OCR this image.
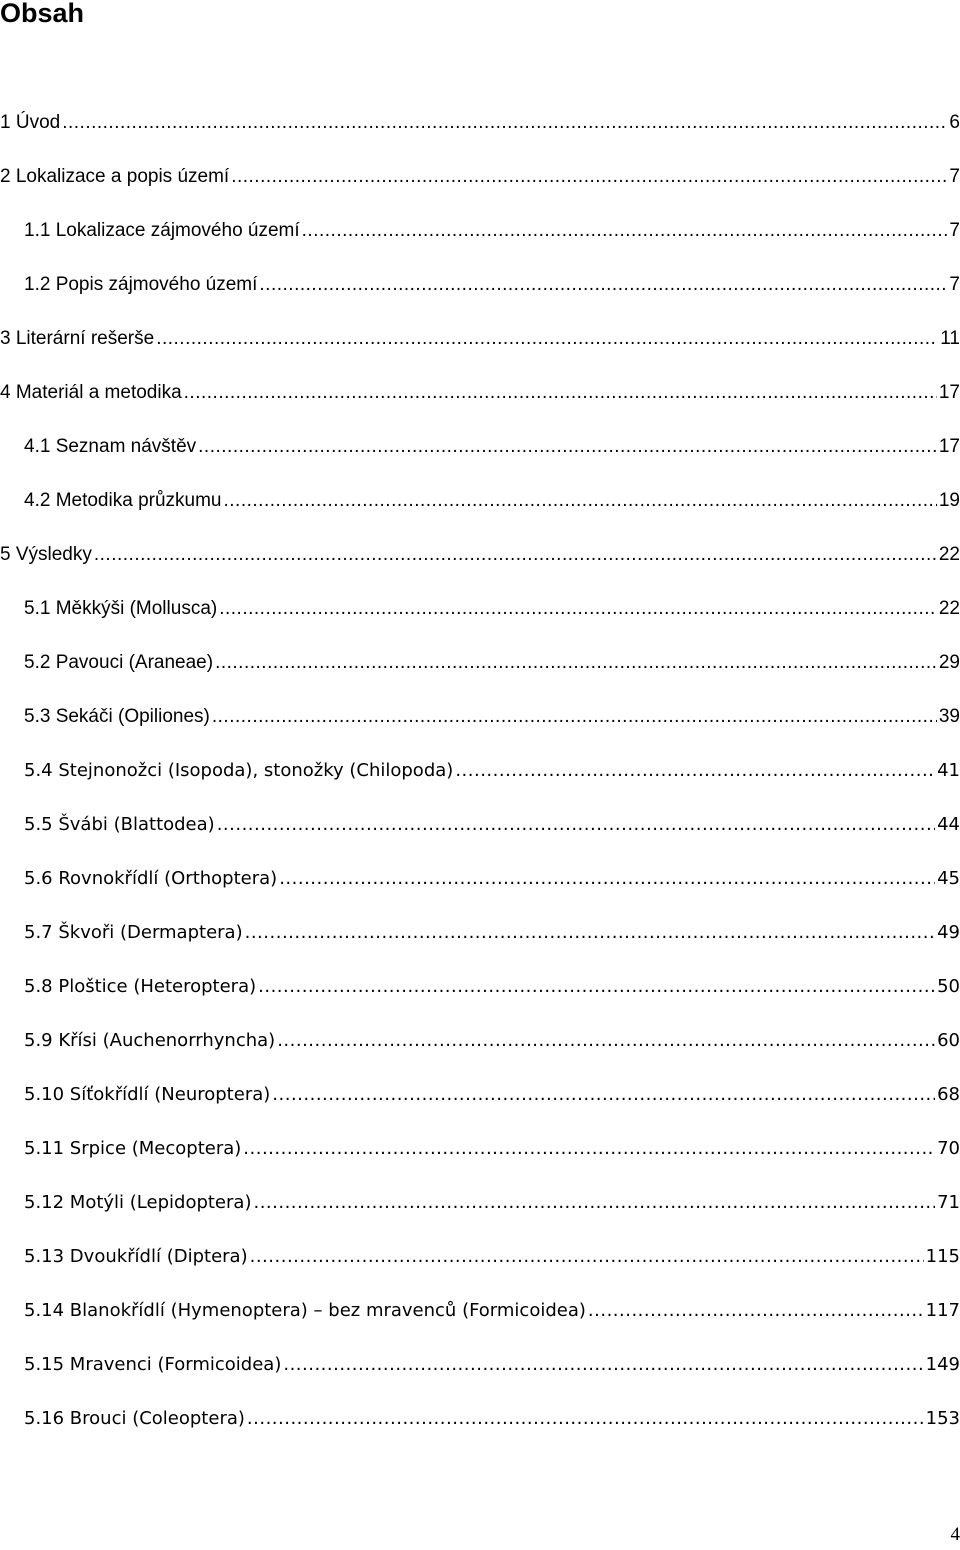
Obsah
1 Úvod .....	6
2 Lokalizace a popis území .....	7
1.1 Lokalizace zájmového území .....	7
1.2 Popis zájmového území .....	7
3 Literární rešerše .....	11
4 Materiál a metodika .....	17
4.1 Seznam návštěv .....	17
4.2 Metodika průzkumu .....	19
5 Výsledky .....	22
5.1 Měkkýši (Mollusca) .....	22
5.2 Pavouci (Araneae) .....	29
5.3 Sekáči (Opiliones) .....	39
5.4 Stejnonožci (Isopoda), stonožky (Chilopoda) .....	41
5.5 Švábi (Blattodea) .....	44
5.6 Rovnokřídlí (Orthoptera) .....	45
5.7 Škvoři (Dermaptera) .....	49
5.8 Ploštice (Heteroptera) .....	50
5.9 Křísi (Auchenorrhyncha) .....	60
5.10 Síťokřídlí (Neuroptera) .....	68
5.11 Srpice (Mecoptera) .....	70
5.12 Motýli (Lepidoptera) .....	71
5.13 Dvoukřídlí (Diptera) .....	115
5.14 Blanokřídlí (Hymenoptera) – bez mravenců (Formicoidea) .....	117
5.15 Mravenci (Formicoidea) .....	149
5.16 Brouci (Coleoptera) .....	153
4
